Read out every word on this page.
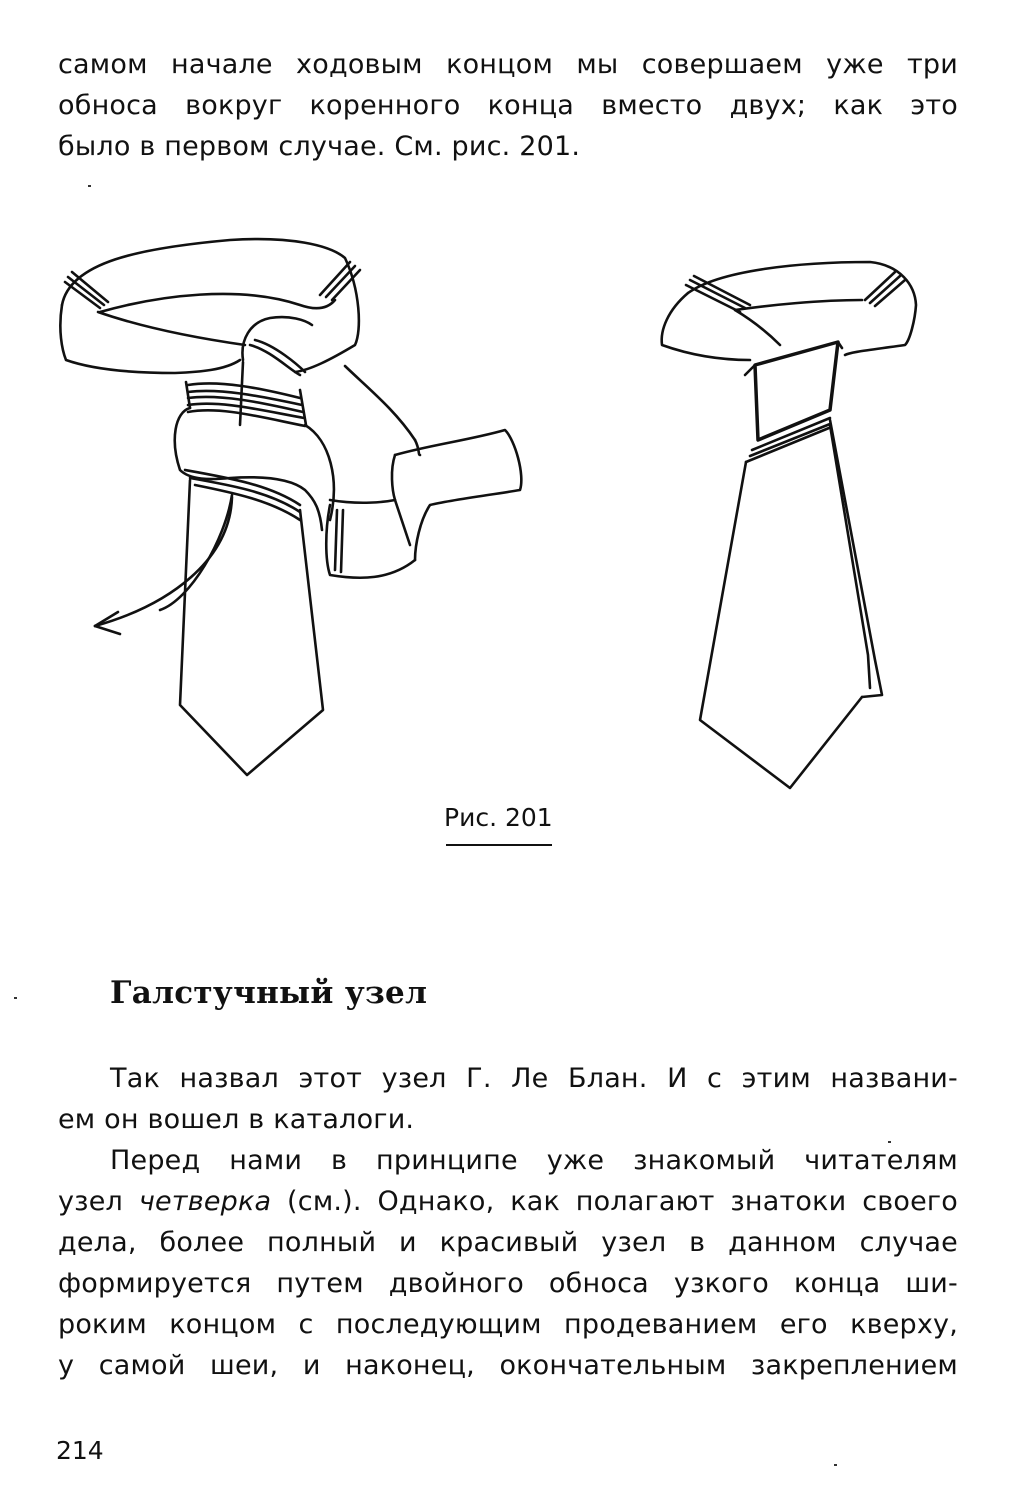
самом начале ходовым концом мы совершаем уже три
обноса вокруг коренного конца вместо двух; как это
было в первом случае. См. рис. 201.
Рис. 201
Галстучный узел
Так назвал этот узел Г. Ле Блан. И с этим названи-
ем он вошел в каталоги.
Перед нами в принципе уже знакомый читателям
узел четверка (см.). Однако, как полагают знатоки своего
дела, более полный и красивый узел в данном случае
формируется путем двойного обноса узкого конца ши-
роким концом с последующим продеванием его кверху,
у самой шеи, и наконец, окончательным закреплением
214
